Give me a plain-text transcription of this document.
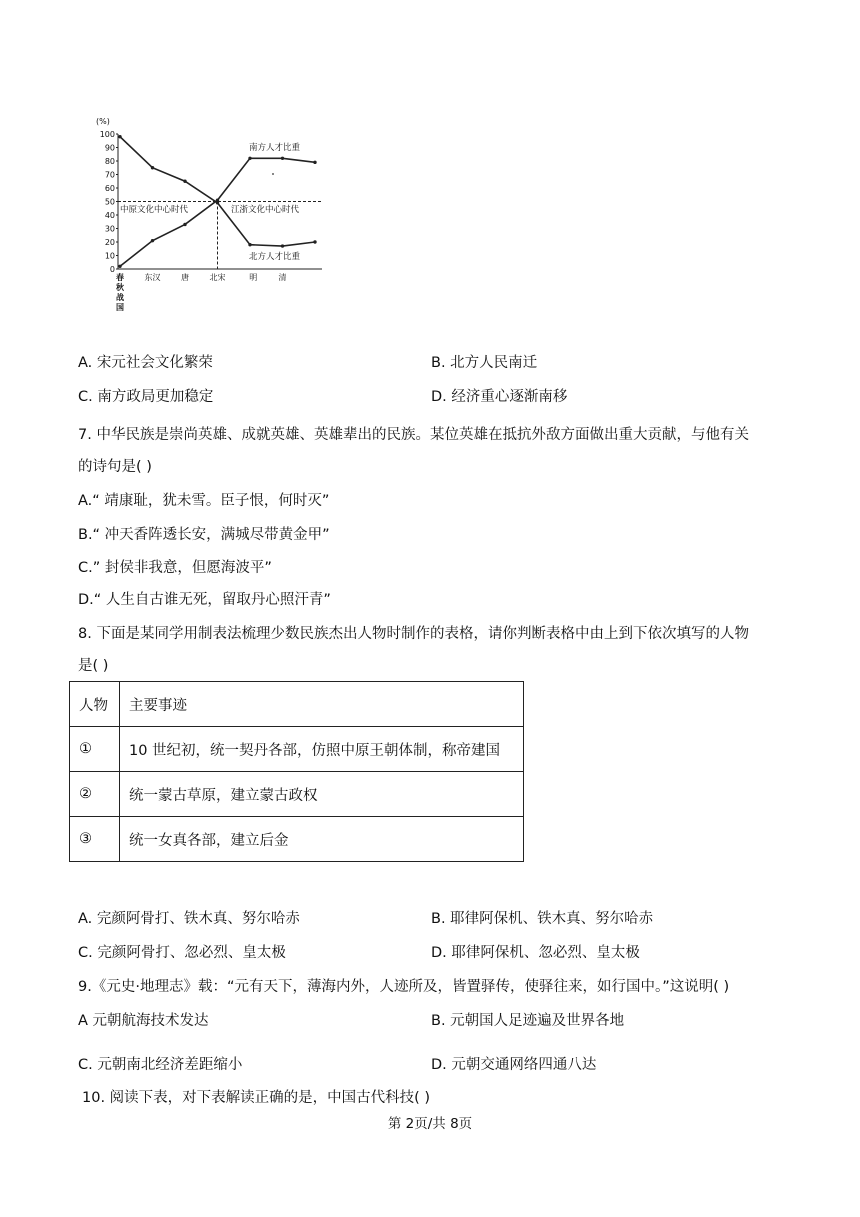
(%)
100
90
80
70
60
50
40
30
20
10
0
中原文化中心时代	江浙文化中心时代
南方人才比重
北方人才比重
春
秋
战
国
东汉	唐	北宋	明	清
A. 宋元社会文化繁荣	B. 北方人民南迁
C. 南方政局更加稳定	D. 经济重心逐渐南移
7. 中华民族是崇尚英雄、成就英雄、英雄辈出的民族。某位英雄在抵抗外敌方面做出重大贡献，与他有关
的诗句是( )
A.“ 靖康耻，犹未雪。臣子恨，何时灭”
B.“ 冲天香阵透长安，满城尽带黄金甲”
C.” 封侯非我意，但愿海波平”
D.“ 人生自古谁无死，留取丹心照汗青”
8. 下面是某同学用制表法梳理少数民族杰出人物时制作的表格，请你判断表格中由上到下依次填写的人物
是( )
人物	主要事迹
①	10 世纪初，统一契丹各部，仿照中原王朝体制，称帝建国
②	统一蒙古草原，建立蒙古政权
③	统一女真各部，建立后金
A. 完颜阿骨打、铁木真、努尔哈赤	B. 耶律阿保机、铁木真、努尔哈赤
C. 完颜阿骨打、忽必烈、皇太极	D. 耶律阿保机、忽必烈、皇太极
9.《元史·地理志》载：“元有天下，薄海内外，人迹所及，皆置驿传，使驿往来，如行国中。”这说明( )
A 元朝航海技术发达	B. 元朝国人足迹遍及世界各地
C. 元朝南北经济差距缩小	D. 元朝交通网络四通八达
10. 阅读下表，对下表解读正确的是，中国古代科技( )
第 2页/共 8页
